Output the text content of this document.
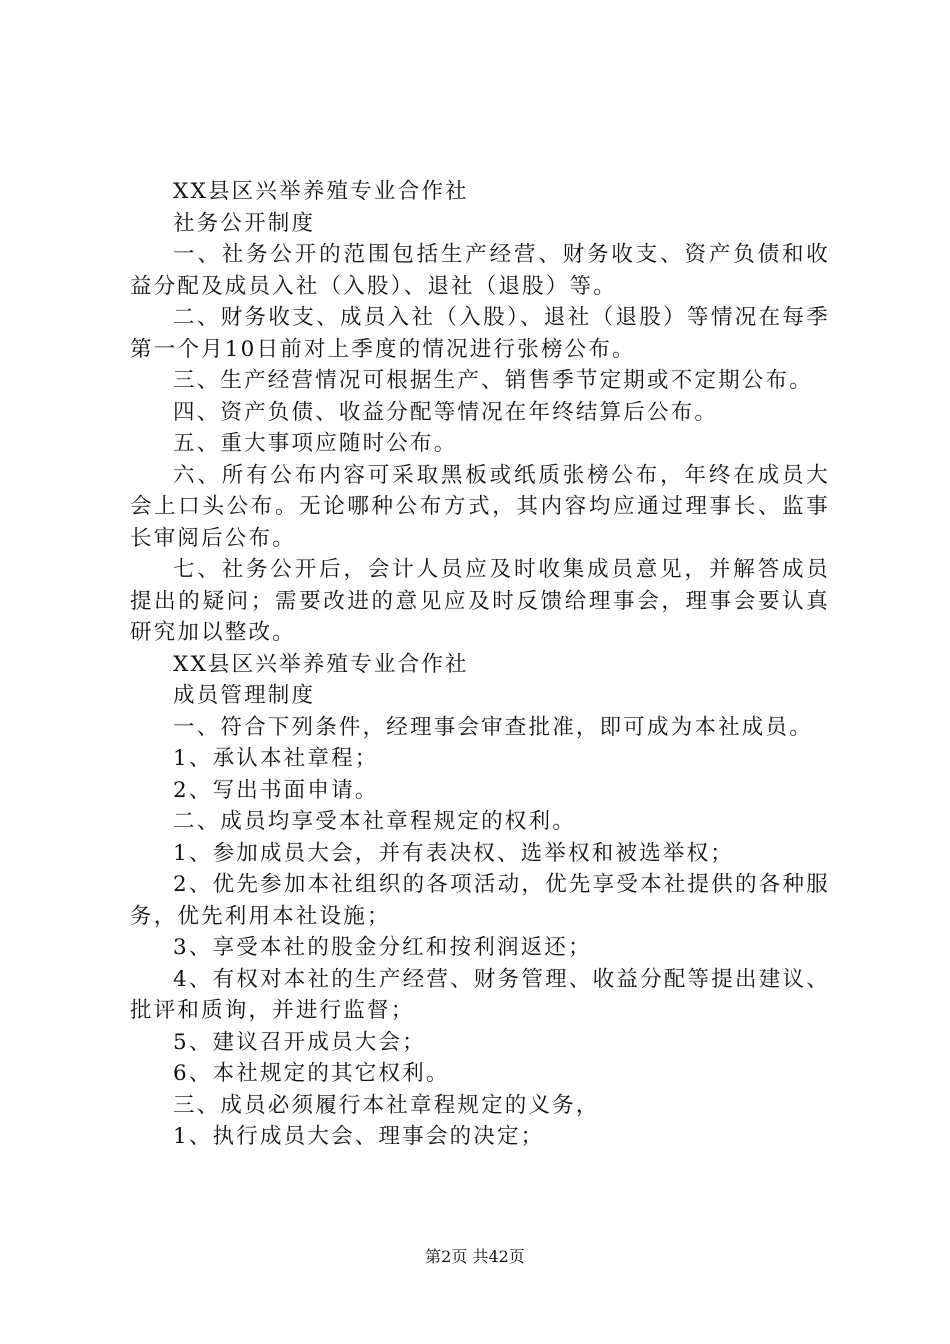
XX县区兴举养殖专业合作社

社务公开制度

一、社务公开的范围包括生产经营、财务收支、资产负债和收益分配及成员入社（入股）、退社（退股）等。

二、财务收支、成员入社（入股）、退社（退股）等情况在每季第一个月10日前对上季度的情况进行张榜公布。

三、生产经营情况可根据生产、销售季节定期或不定期公布。

四、资产负债、收益分配等情况在年终结算后公布。

五、重大事项应随时公布。

六、所有公布内容可采取黑板或纸质张榜公布，年终在成员大会上口头公布。无论哪种公布方式，其内容均应通过理事长、监事长审阅后公布。

七、社务公开后，会计人员应及时收集成员意见，并解答成员提出的疑问；需要改进的意见应及时反馈给理事会，理事会要认真研究加以整改。

XX县区兴举养殖专业合作社

成员管理制度

一、符合下列条件，经理事会审查批准，即可成为本社成员。

1、承认本社章程；

2、写出书面申请。

二、成员均享受本社章程规定的权利。

1、参加成员大会，并有表决权、选举权和被选举权；

2、优先参加本社组织的各项活动，优先享受本社提供的各种服务，优先利用本社设施；

3、享受本社的股金分红和按利润返还；

4、有权对本社的生产经营、财务管理、收益分配等提出建议、批评和质询，并进行监督；

5、建议召开成员大会；

6、本社规定的其它权利。

三、成员必须履行本社章程规定的义务，

1、执行成员大会、理事会的决定；

第2页 共42页
